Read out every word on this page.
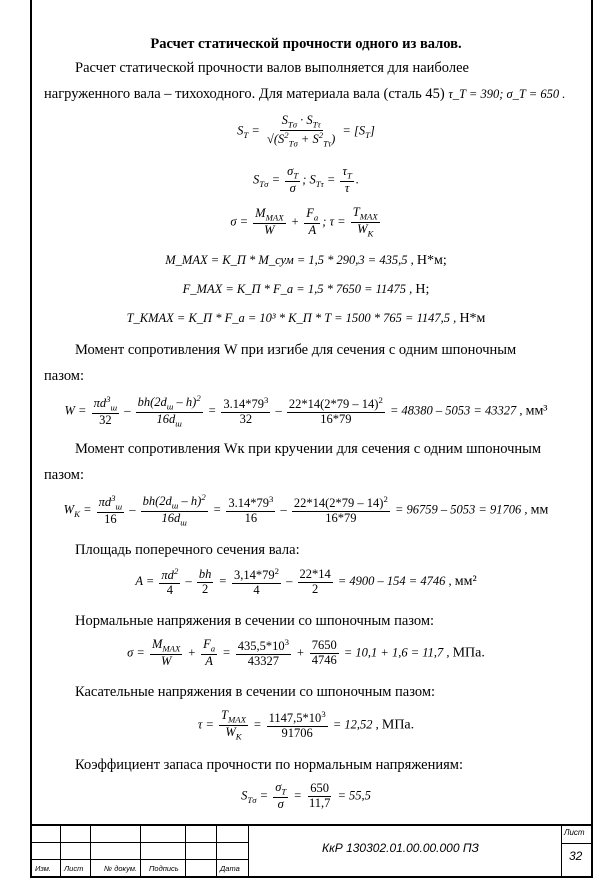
Расчет статической прочности одного из валов.
Расчет статической прочности валов выполняется для наиболее
нагруженного вала – тихоходного. Для материала вала (сталь 45) τ_T = 390; σ_T = 650 .
$S_T$ =
$S_{T\sigma} \cdot S_{T\tau}$
$√(S^2_{T\sigma} + S^2_{T\tau})$
= $[S_T]$
$S_{T\sigma} = \frac{\sigma_T}{\sigma}$ ; $S_{T\tau} = \frac{\tau_T}{\tau}$ .
σ =
$M_{MAX}$
W
+ $\frac{F_a}{A}$ ; τ =
$T_{MAX}$
$W_K$
M_MAX = K_П * M_сум = 1,5 * 290,3 = 435,5 , Н*м;
F_MAX = K_П * F_a = 1,5 * 7650 = 11475 , Н;
T_KMAX = K_П * F_a = 10³ * K_П * T = 1500 * 765 = 1147,5 , Н*м
Момент сопротивления W при изгибе для сечения с одним шпоночным
пазом:
W =
$\pi d^3_ш$
32
–
$bh(2d_ш - h)^2$
$16d_ш$
= $\frac{3.14*79^3}{32} - \frac{22*14(2*79 - 14)^2}{16*79} = 48380 - 5053 = 43327$ , мм³
Момент сопротивления Wк при кручении для сечения с одним шпоночным
пазом:
$W_K$ =
$\pi d^3_ш$
16
–
$bh(2d_ш - h)^2$
$16d_ш$
= $\frac{3.14*79^3}{16} - \frac{22*14(2*79 - 14)^2}{16*79} = 96759 - 5053 = 91706$ , мм
Площадь поперечного сечения вала:
$A = \frac{\pi d^2}{4} - \frac{bh}{2} = \frac{3,14*79^2}{4} - \frac{22*14}{2} = 4900 - 154 = 4746$ , мм²
Нормальные напряжения в сечении со шпоночным пазом:
σ =
$M_{MAX}$
W
+ $\frac{F_a}{A} = \frac{435,5*10^3}{43327} + \frac{7650}{4746} = 10,1 + 1,6 = 11,7$ , МПа.
Касательные напряжения в сечении со шпоночным пазом:
τ =
$T_{MAX}$
$W_K$
= $\frac{1147,5*10^3}{91706} = 12,52$ , МПа.
Коэффициент запаса прочности по нормальным напряжениям:
$S_{T\sigma} = \frac{\sigma_T}{\sigma} = \frac{650}{11,7} = 55,5$
Изм. Лист	№ докум. Подпись	Дата
КкР 130302.01.00.00.000 ПЗ
Лист
32
